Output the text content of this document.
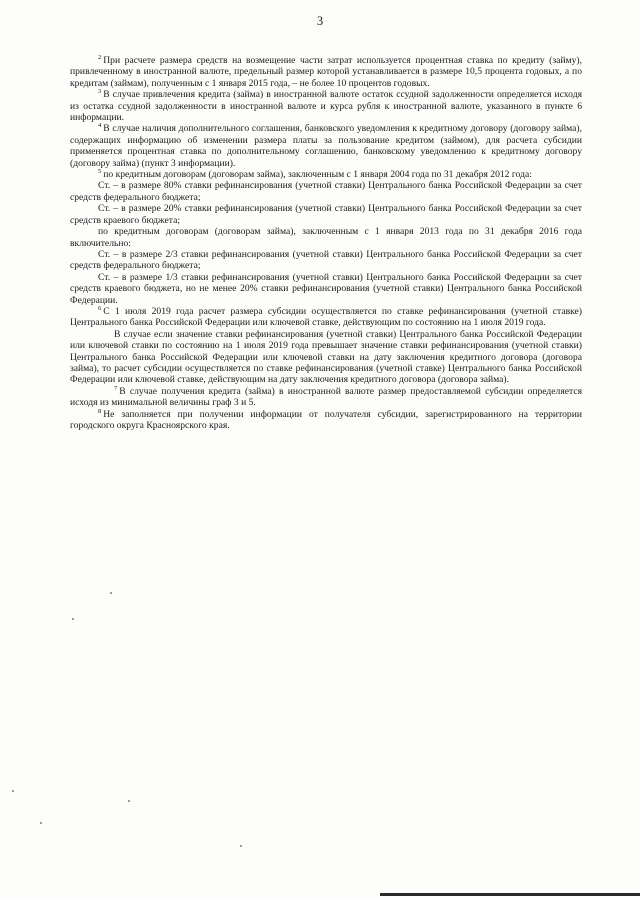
3

$^2$ При расчете размера средств на возмещение части затрат используется процентная ставка по кредиту (займу), привлеченному в иностранной валюте, предельный размер которой устанавливается в размере 10,5 процента годовых, а по кредитам (займам), полученным с 1 января 2015 года, – не более 10 процентов годовых.

$^3$ В случае привлечения кредита (займа) в иностранной валюте остаток ссудной задолженности определяется исходя из остатка ссудной задолженности в иностранной валюте и курса рубля к иностранной валюте, указанного в пункте 6 информации.

$^4$ В случае наличия дополнительного соглашения, банковского уведомления к кредитному договору (договору займа), содержащих информацию об изменении размера платы за пользование кредитом (займом), для расчета субсидии применяется процентная ставка по дополнительному соглашению, банковскому уведомлению к кредитному договору (договору займа) (пункт 3 информации).

$^5$ по кредитным договорам (договорам займа), заключенным с 1 января 2004 года по 31 декабря 2012 года:

Ст. – в размере 80% ставки рефинансирования (учетной ставки) Центрального банка Российской Федерации за счет средств федерального бюджета;

Ст. – в размере 20% ставки рефинансирования (учетной ставки) Центрального банка Российской Федерации за счет средств краевого бюджета;

по кредитным договорам (договорам займа), заключенным с 1 января 2013 года по 31 декабря 2016 года включительно:

Ст. – в размере 2/3 ставки рефинансирования (учетной ставки) Центрального банка Российской Федерации за счет средств федерального бюджета;

Ст. – в размере 1/3 ставки рефинансирования (учетной ставки) Центрального банка Российской Федерации за счет средств краевого бюджета, но не менее 20% ставки рефинансирования (учетной ставки) Центрального банка Российской Федерации.

$^6$ С 1 июля 2019 года расчет размера субсидии осуществляется по ставке рефинансирования (учетной ставке) Центрального банка Российской Федерации или ключевой ставке, действующим по состоянию на 1 июля 2019 года.

В случае если значение ставки рефинансирования (учетной ставки) Центрального банка Российской Федерации или ключевой ставки по состоянию на 1 июля 2019 года превышает значение ставки рефинансирования (учетной ставки) Центрального банка Российской Федерации или ключевой ставки на дату заключения кредитного договора (договора займа), то расчет субсидии осуществляется по ставке рефинансирования (учетной ставке) Центрального банка Российской Федерации или ключевой ставке, действующим на дату заключения кредитного договора (договора займа).

$^7$ В случае получения кредита (займа) в иностранной валюте размер предоставляемой субсидии определяется исходя из минимальной величины граф 3 и 5.

$^8$ Не заполняется при получении информации от получателя субсидии, зарегистрированного на территории городского округа Красноярского края.
